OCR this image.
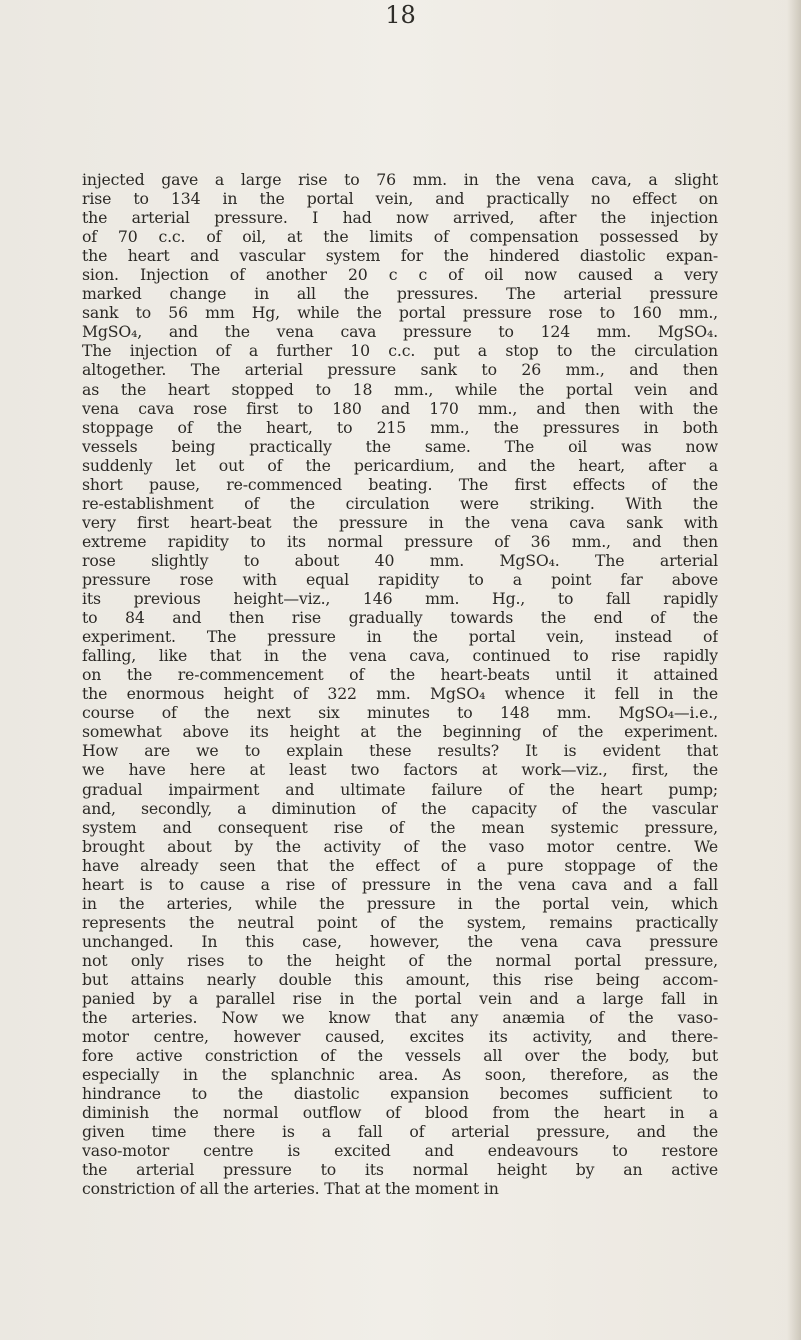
18
injected gave a large rise to 76 mm. in the vena cava, a slight
rise to 134 in the portal vein, and practically no effect on
the arterial pressure. I had now arrived, after the injection
of 70 c.c. of oil, at the limits of compensation possessed by
the heart and vascular system for the hindered diastolic expan-
sion. Injection of another 20 c c of oil now caused a very
marked change in all the pressures. The arterial pressure
sank to 56 mm Hg, while the portal pressure rose to 160 mm.,
MgSO₄, and the vena cava pressure to 124 mm. MgSO₄.
The injection of a further 10 c.c. put a stop to the circulation
altogether. The arterial pressure sank to 26 mm., and then
as the heart stopped to 18 mm., while the portal vein and
vena cava rose first to 180 and 170 mm., and then with the
stoppage of the heart, to 215 mm., the pressures in both
vessels being practically the same. The oil was now
suddenly let out of the pericardium, and the heart, after a
short pause, re-commenced beating. The first effects of the
re-establishment of the circulation were striking. With the
very first heart-beat the pressure in the vena cava sank with
extreme rapidity to its normal pressure of 36 mm., and then
rose slightly to about 40 mm. MgSO₄. The arterial
pressure rose with equal rapidity to a point far above
its previous height—viz., 146 mm. Hg., to fall rapidly
to 84 and then rise gradually towards the end of the
experiment. The pressure in the portal vein, instead of
falling, like that in the vena cava, continued to rise rapidly
on the re-commencement of the heart-beats until it attained
the enormous height of 322 mm. MgSO₄ whence it fell in the
course of the next six minutes to 148 mm. MgSO₄—i.e.,
somewhat above its height at the beginning of the experiment.
How are we to explain these results? It is evident that
we have here at least two factors at work—viz., first, the
gradual impairment and ultimate failure of the heart pump;
and, secondly, a diminution of the capacity of the vascular
system and consequent rise of the mean systemic pressure,
brought about by the activity of the vaso motor centre. We
have already seen that the effect of a pure stoppage of the
heart is to cause a rise of pressure in the vena cava and a fall
in the arteries, while the pressure in the portal vein, which
represents the neutral point of the system, remains practically
unchanged. In this case, however, the vena cava pressure
not only rises to the height of the normal portal pressure,
but attains nearly double this amount, this rise being accom-
panied by a parallel rise in the portal vein and a large fall in
the arteries. Now we know that any anæmia of the vaso-
motor centre, however caused, excites its activity, and there-
fore active constriction of the vessels all over the body, but
especially in the splanchnic area. As soon, therefore, as the
hindrance to the diastolic expansion becomes sufficient to
diminish the normal outflow of blood from the heart in a
given time there is a fall of arterial pressure, and the
vaso-motor centre is excited and endeavours to restore
the arterial pressure to its normal height by an active
constriction of all the arteries. That at the moment in
